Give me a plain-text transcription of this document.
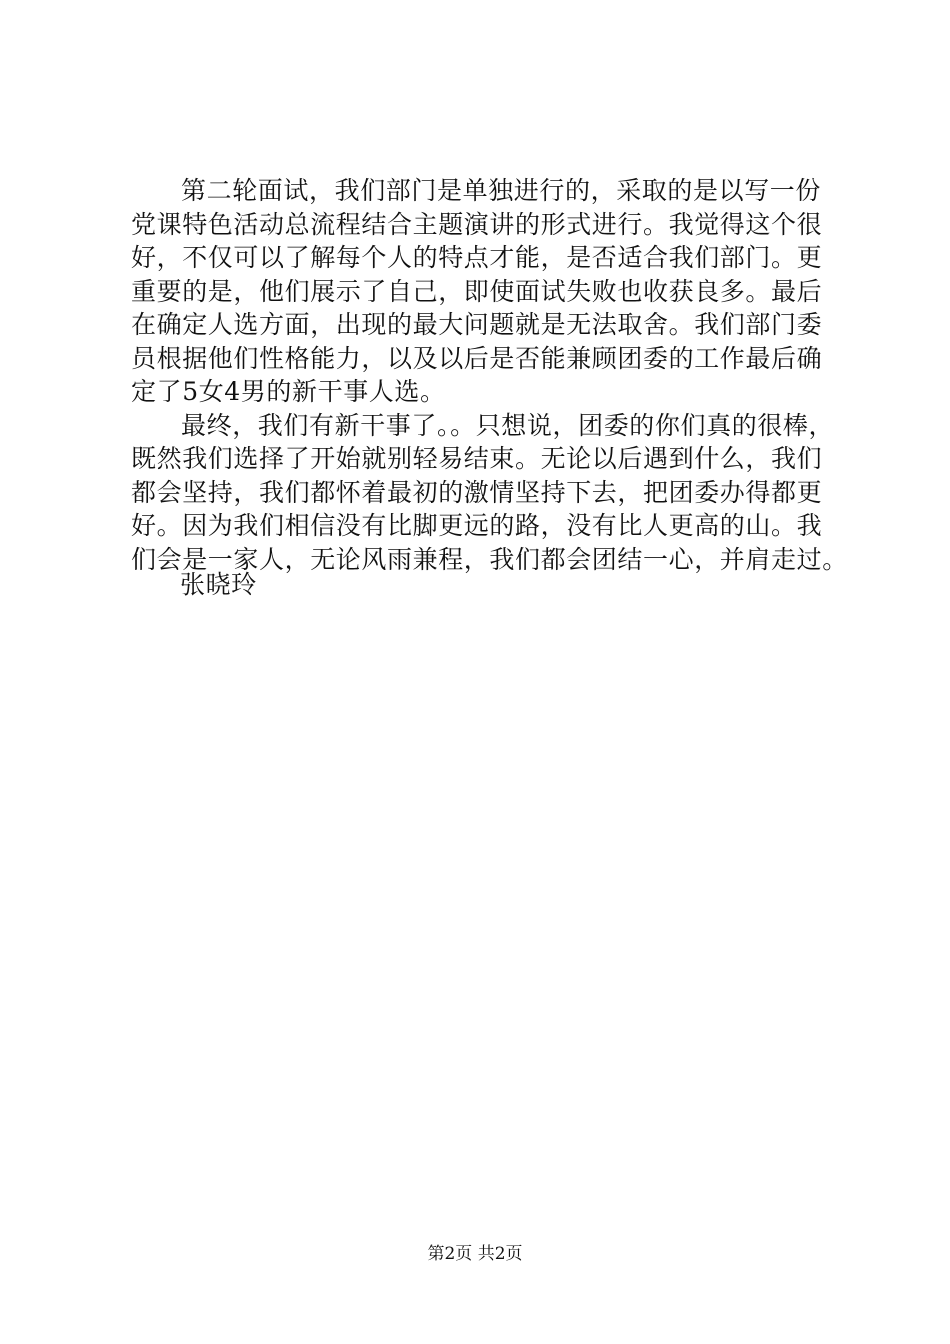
第二轮面试，我们部门是单独进行的，采取的是以写一份
党课特色活动总流程结合主题演讲的形式进行。我觉得这个很
好，不仅可以了解每个人的特点才能，是否适合我们部门。更
重要的是，他们展示了自己，即使面试失败也收获良多。最后
在确定人选方面，出现的最大问题就是无法取舍。我们部门委
员根据他们性格能力，以及以后是否能兼顾团委的工作最后确
定了5女4男的新干事人选。
最终，我们有新干事了。。只想说，团委的你们真的很棒，
既然我们选择了开始就别轻易结束。无论以后遇到什么，我们
都会坚持，我们都怀着最初的激情坚持下去，把团委办得都更
好。因为我们相信没有比脚更远的路，没有比人更高的山。我
们会是一家人，无论风雨兼程，我们都会团结一心，并肩走过。
张晓玲
第2页 共2页
